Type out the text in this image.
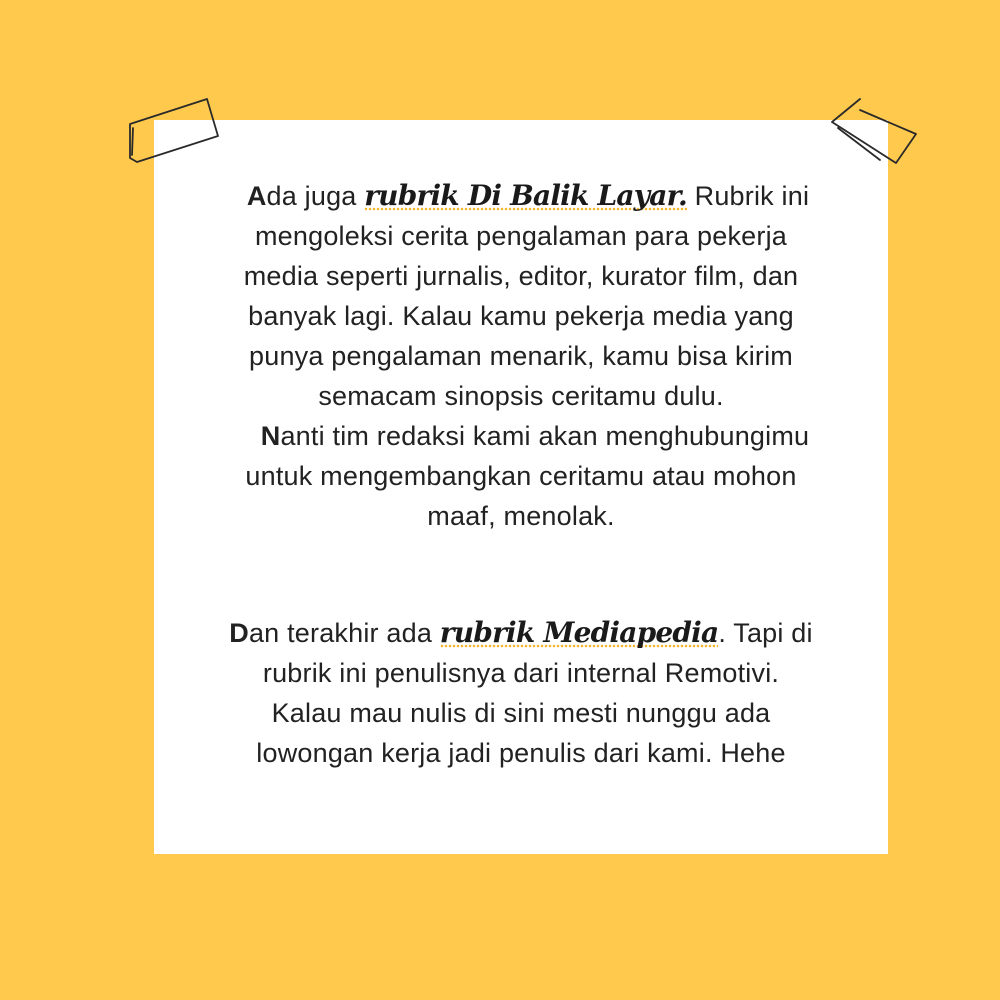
Ada juga rubrik Di Balik Layar. Rubrik ini
mengoleksi cerita pengalaman para pekerja
media seperti jurnalis, editor, kurator film, dan
banyak lagi. Kalau kamu pekerja media yang
punya pengalaman menarik, kamu bisa kirim
semacam sinopsis ceritamu dulu.
Nanti tim redaksi kami akan menghubungimu
untuk mengembangkan ceritamu atau mohon
maaf, menolak.
Dan terakhir ada rubrik Mediapedia. Tapi di
rubrik ini penulisnya dari internal Remotivi.
Kalau mau nulis di sini mesti nunggu ada
lowongan kerja jadi penulis dari kami. Hehe
